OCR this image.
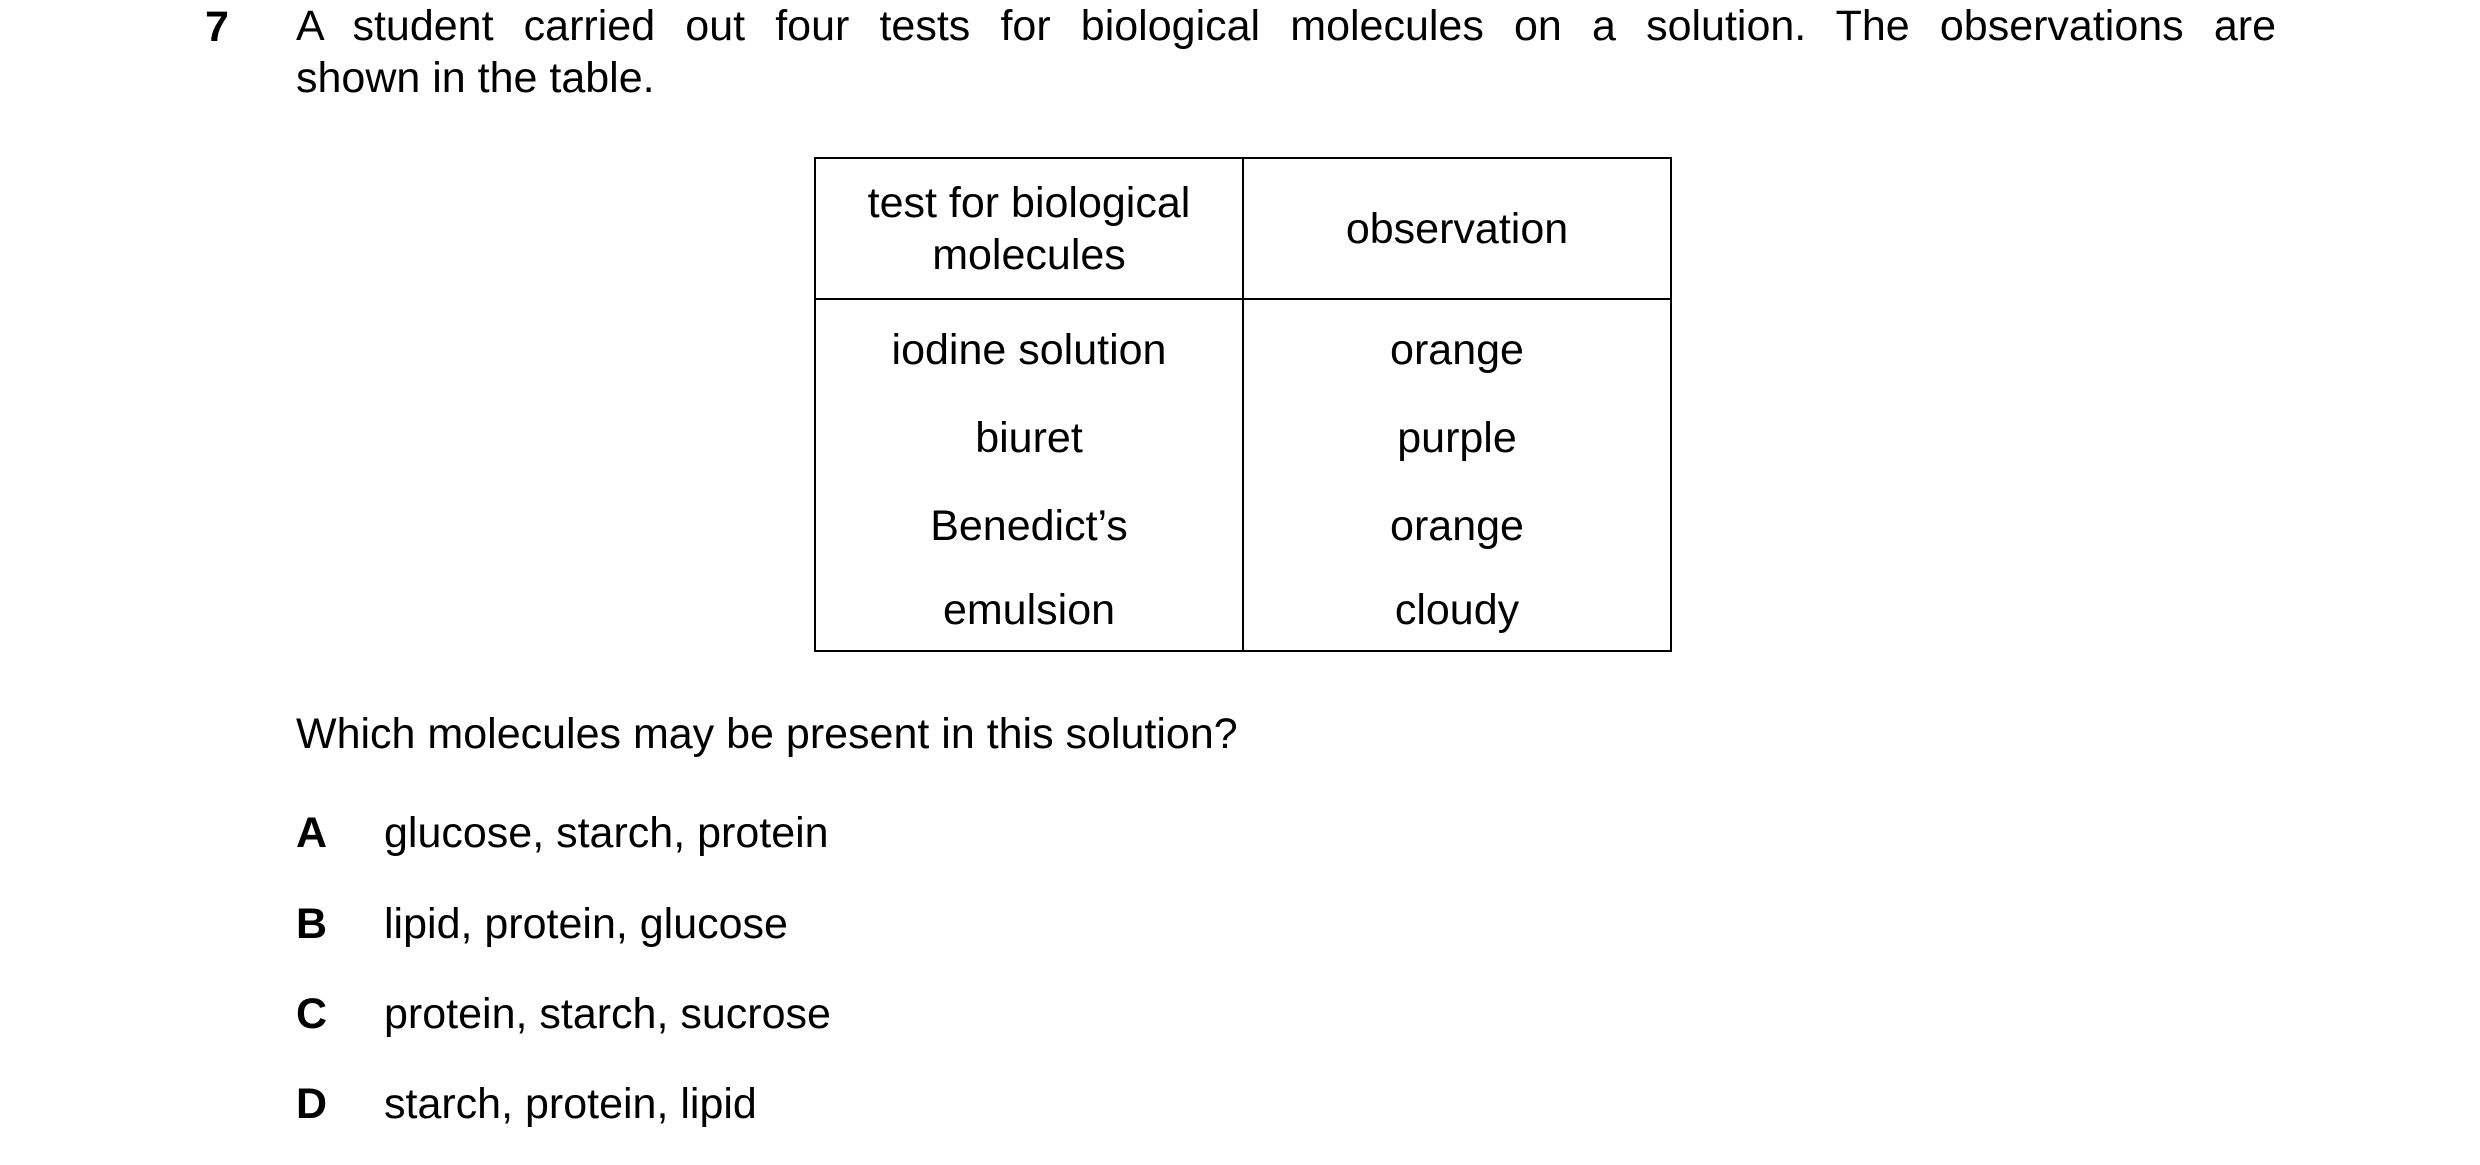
7 A student carried out four tests for biological molecules on a solution. The observations are
shown in the table.
test for biological molecules	observation
iodine solution	orange
biuret	purple
Benedict’s	orange
emulsion	cloudy
Which molecules may be present in this solution?
A glucose, starch, protein
B lipid, protein, glucose
C protein, starch, sucrose
D starch, protein, lipid
